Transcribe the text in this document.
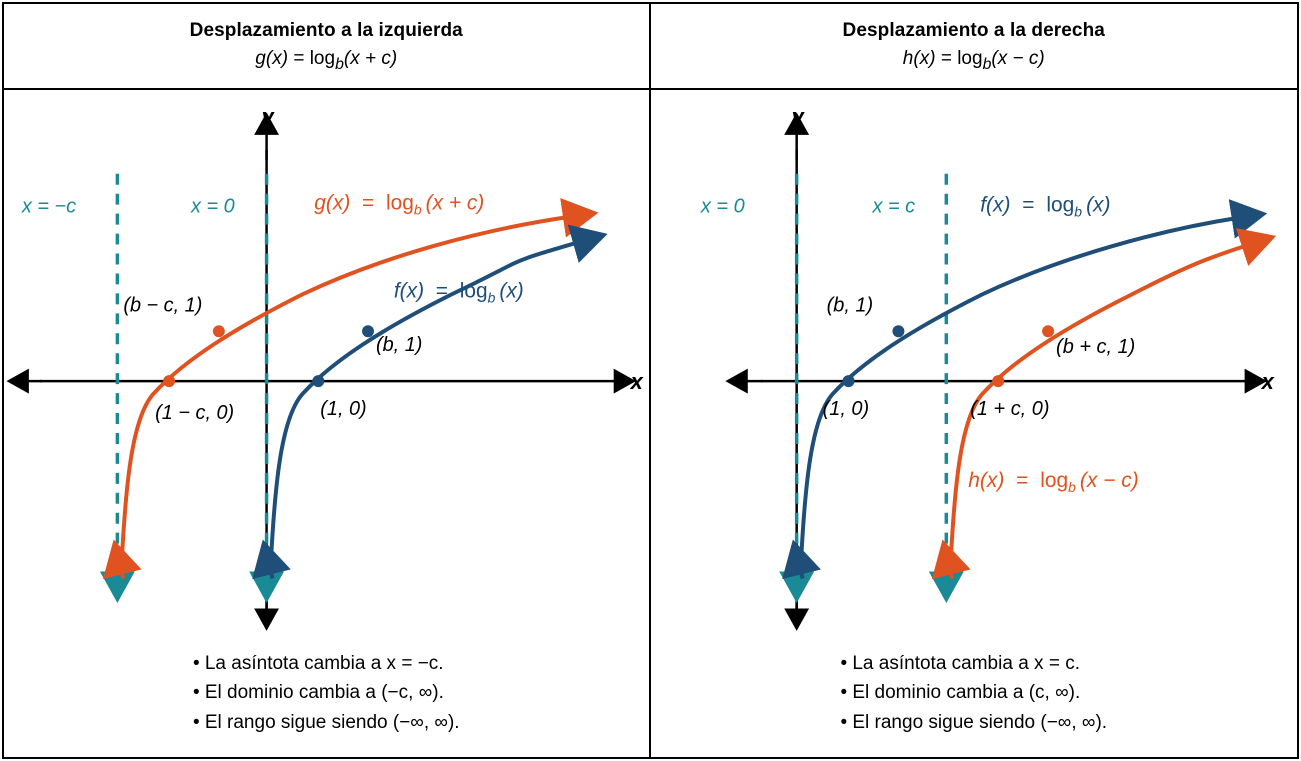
Desplazamiento a la izquierda
$g(x) = \log_b(x + c)$
y
x
x = −c	x = 0	$g(x) = \log_b (x + c)$
$f(x) = \log_b (x)$
(b − c, 1)
(b, 1)
(1 − c, 0)	(1, 0)
• La asíntota cambia a x = −c.
• El dominio cambia a (−c, ∞).
• El rango sigue siendo (−∞, ∞).
Desplazamiento a la derecha
$h(x) = \log_b(x - c)$
y
x
x = 0	x = c	$f(x) = \log_b (x)$
$h(x) = \log_b (x - c)$
(b, 1)
(b + c, 1)
(1, 0)	(1 + c, 0)
• La asíntota cambia a x = c.
• El dominio cambia a (c, ∞).
• El rango sigue siendo (−∞, ∞).
